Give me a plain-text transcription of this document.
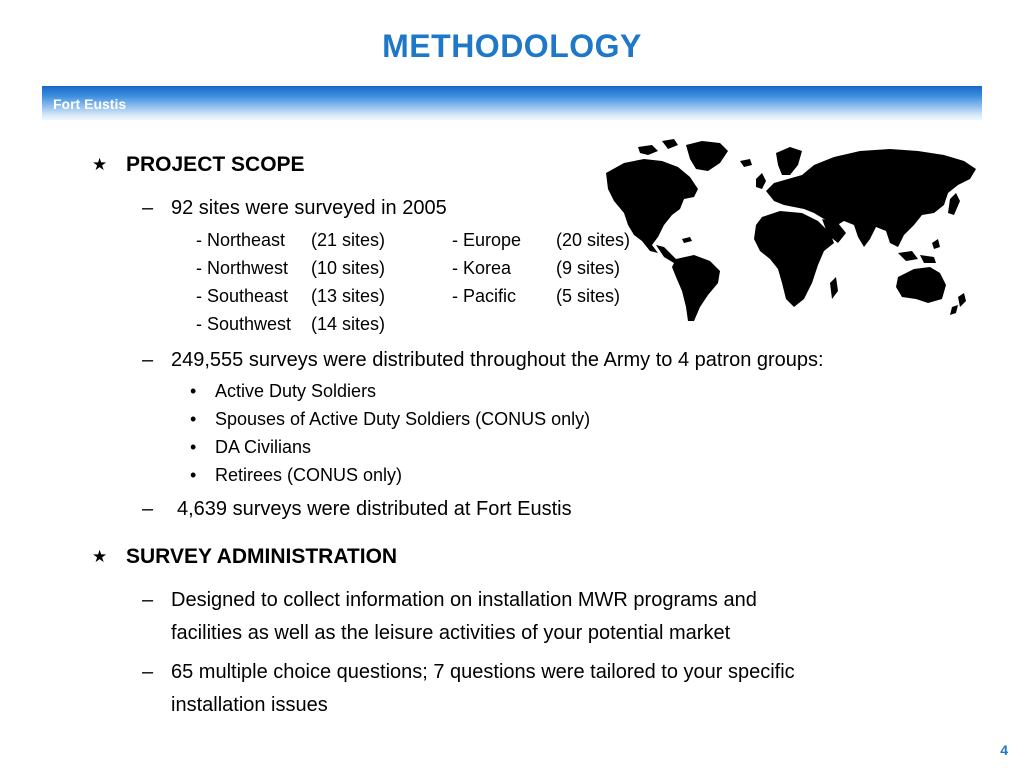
METHODOLOGY
Fort Eustis
★ PROJECT SCOPE
– 92 sites were surveyed in 2005
- Northeast (21 sites)	- Europe (20 sites)
- Northwest (10 sites)	- Korea (9 sites)
- Southeast (13 sites)	- Pacific (5 sites)
- Southwest (14 sites)
– 249,555 surveys were distributed throughout the Army to 4 patron groups:
• Active Duty Soldiers
• Spouses of Active Duty Soldiers (CONUS only)
• DA Civilians
• Retirees (CONUS only)
– 4,639 surveys were distributed at Fort Eustis
★ SURVEY ADMINISTRATION
– Designed to collect information on installation MWR programs and
facilities as well as the leisure activities of your potential market
– 65 multiple choice questions; 7 questions were tailored to your specific
installation issues
4
